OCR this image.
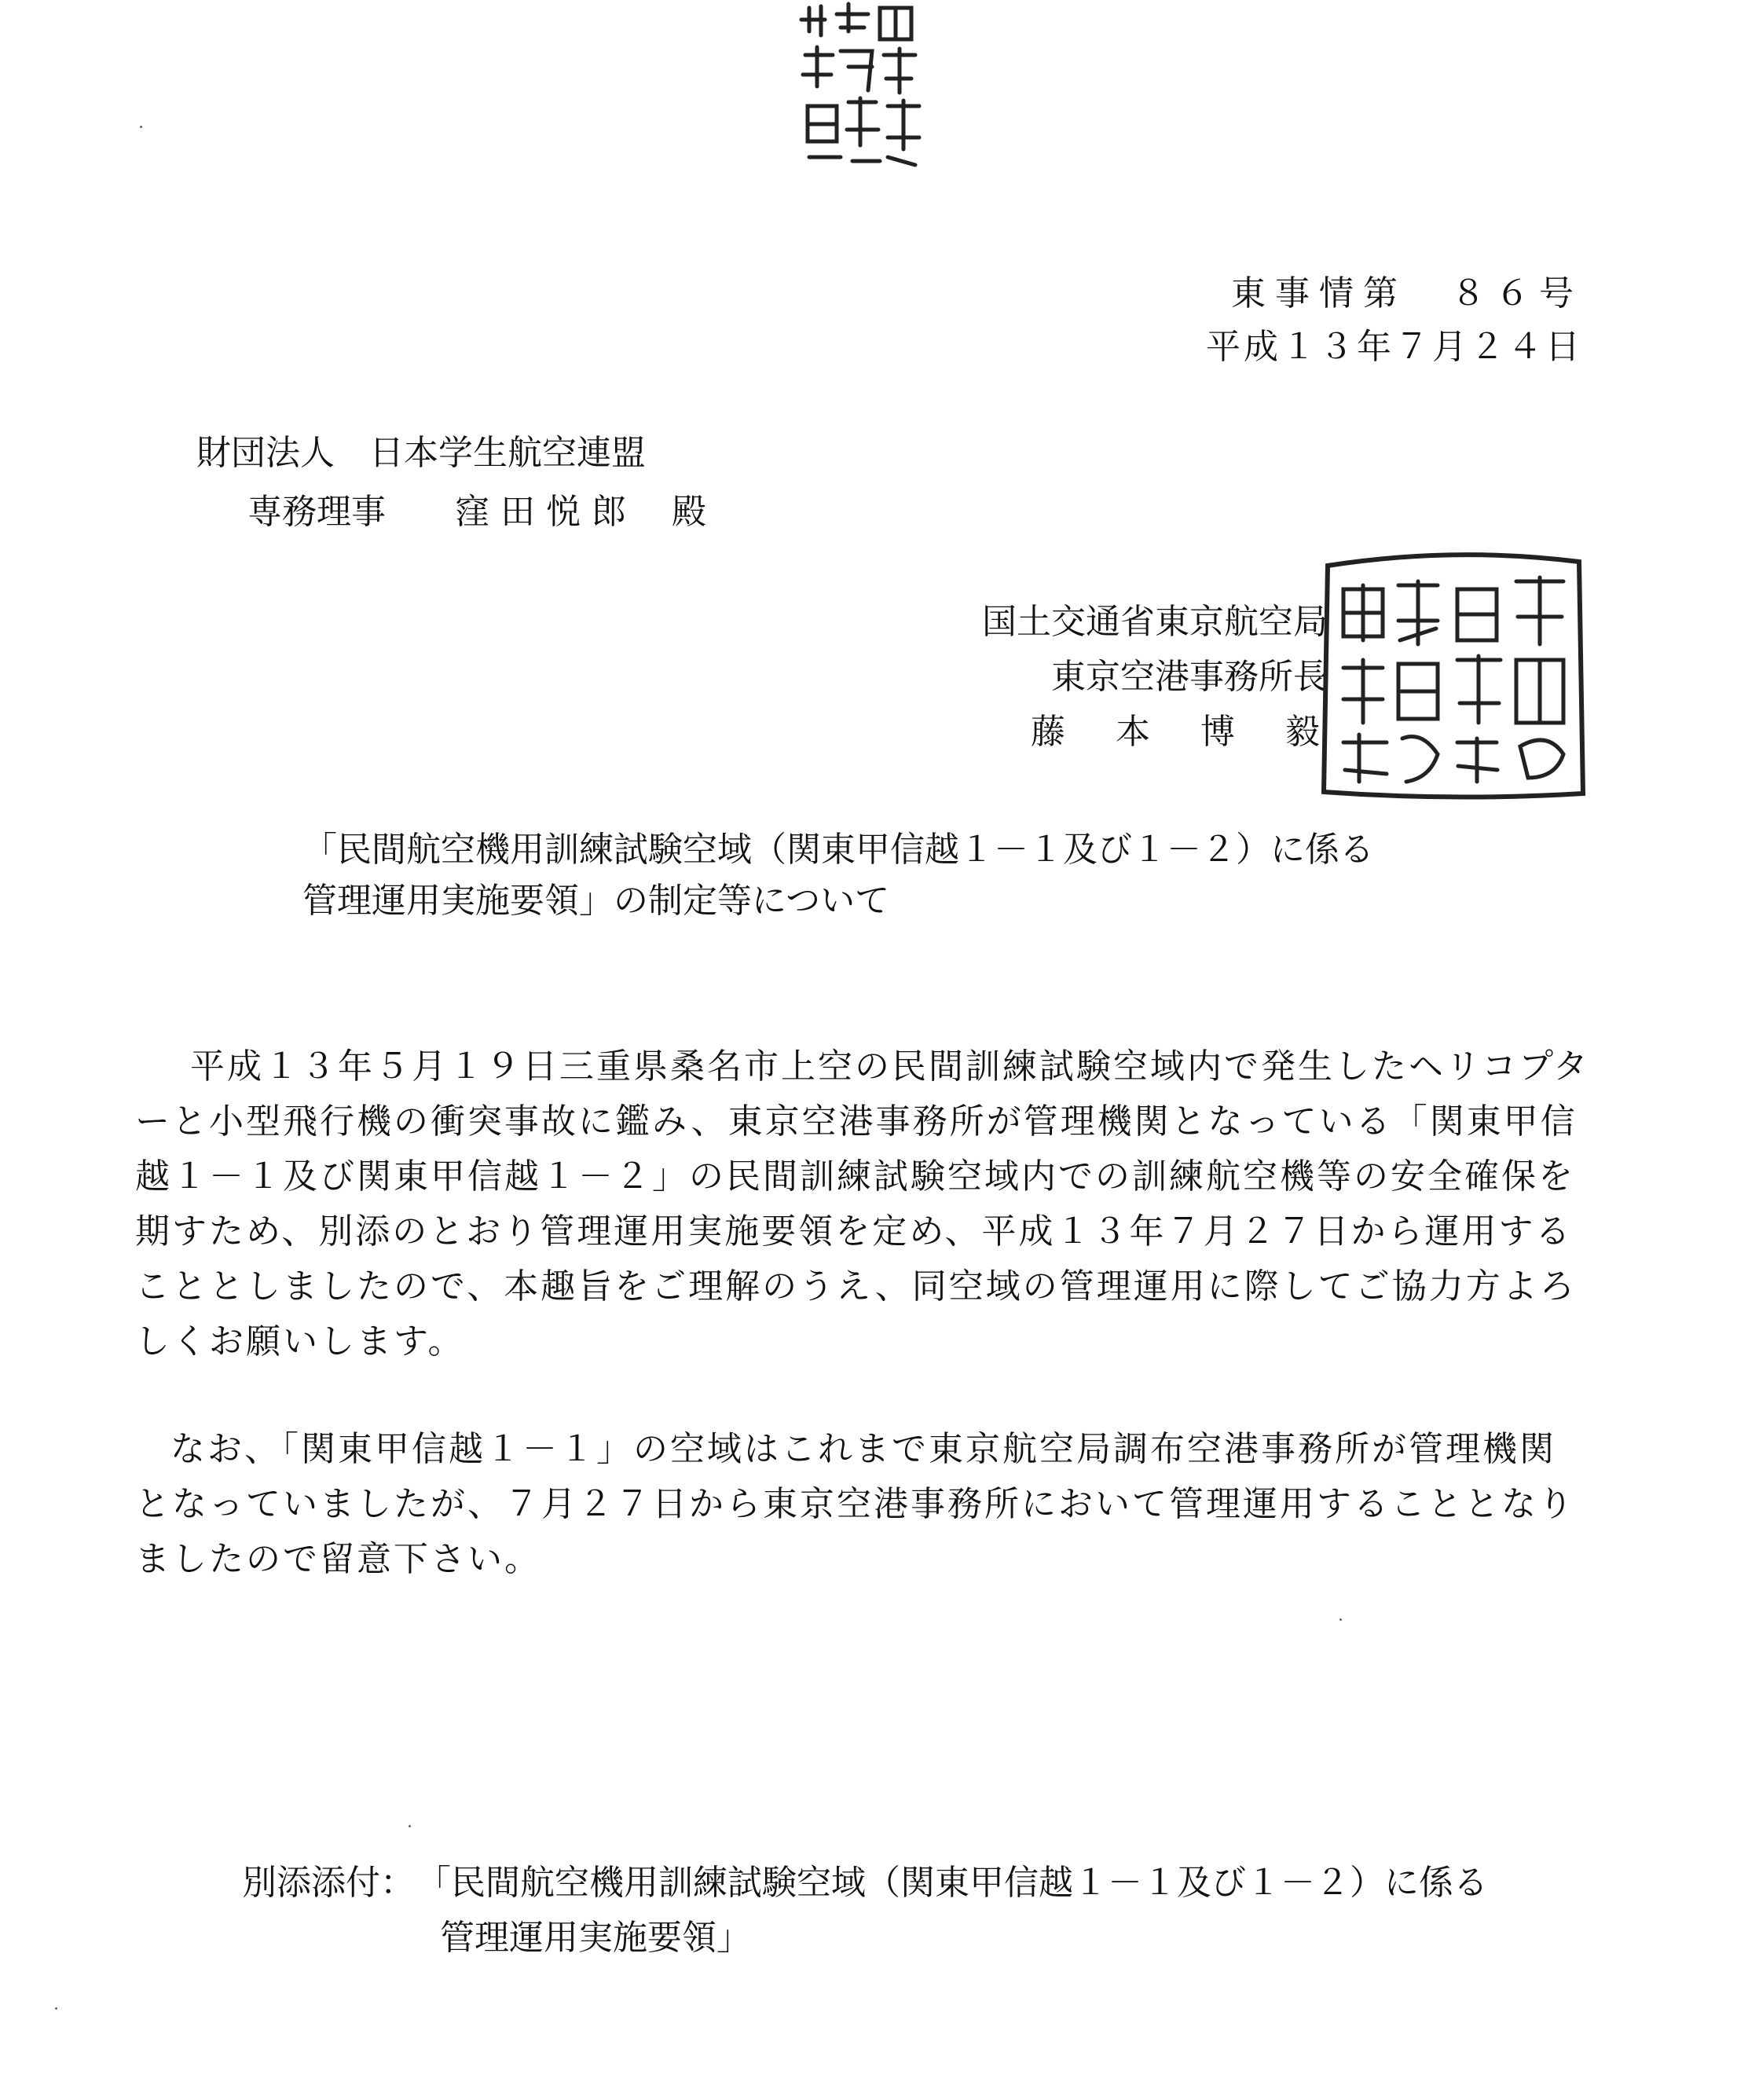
東事情第　８６号
平成１３年７月２４日
財団法人　日本学生航空連盟
専務理事　　窪 田 悦 郎　 殿
国土交通省東京航空局
東京空港事務所長
藤　本　博　毅
「民間航空機用訓練試験空域（関東甲信越１－１及び１－２）に係る
管理運用実施要領」の制定等について
平成１３年５月１９日三重県桑名市上空の民間訓練試験空域内で発生したヘリコプタ
ーと小型飛行機の衝突事故に鑑み、東京空港事務所が管理機関となっている「関東甲信
越１－１及び関東甲信越１－２」の民間訓練試験空域内での訓練航空機等の安全確保を
期すため、別添のとおり管理運用実施要領を定め、平成１３年７月２７日から運用する
こととしましたので、本趣旨をご理解のうえ、同空域の管理運用に際してご協力方よろ
しくお願いします。
なお、「関東甲信越１－１」の空域はこれまで東京航空局調布空港事務所が管理機関
となっていましたが、７月２７日から東京空港事務所において管理運用することとなり
ましたので留意下さい。
別添添付： 「民間航空機用訓練試験空域（関東甲信越１－１及び１－２）に係る
管理運用実施要領」
